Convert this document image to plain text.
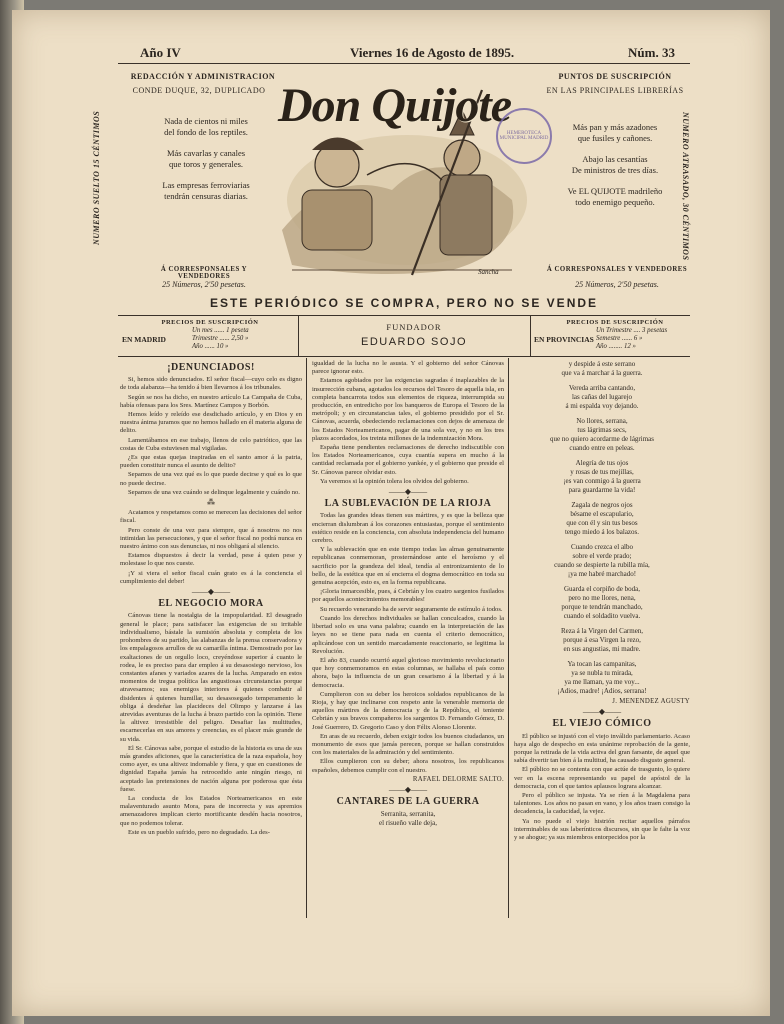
Año IV	Viernes 16 de Agosto de 1895.	Núm. 33
REDACCIÓN Y ADMINISTRACION
CONDE DUQUE, 32, DUPLICADO
NUMERO SUELTO 15 CÉNTIMOS	Nada de cientos ni miles
del fondo de los reptiles.
Más cavarlas y canales
que toros y generales.
Las empresas ferroviarias
tendrán censuras diarias.
Á CORRESPONSALES Y VENDEDORES
25 Números, 2'50 pesetas.
Don Quijote
HEMEROTECA MUNICIPAL MADRID
Sancha
PUNTOS DE SUSCRIPCIÓN
EN LAS PRINCIPALES LIBRERÍAS
NUMERO ATRASADO, 30 CÉNTIMOS
Más pan y más azadones
que fusiles y cañones.
Abajo las cesantías
De ministros de tres días.
Ve EL QUIJOTE madrileño
todo enemigo pequeño.
Á CORRESPONSALES Y VENDEDORES
25 Números, 2'50 pesetas.
ESTE PERIÓDICO SE COMPRA, PERO NO SE VENDE
PRECIOS DE SUSCRIPCIÓN
EN MADRID
Un mes ...... 1 peseta
Trimestre ...... 2,50 »
Año ...... 10 »
FUNDADOR
EDUARDO SOJO
PRECIOS DE SUSCRIPCIÓN
EN PROVINCIAS
Un Trimestre .... 3 pesetas
Semestre ...... 6 »
Año ........ 12 »
¡DENUNCIADOS!

Si, hemos sido denunciados. El señor fiscal—cuyo celo es digno de toda alabanza—ha tenido á bien llevarnos á los tribunales.

Según se nos ha dicho, en nuestro artículo La Campaña de Cuba, había ofensas para los Sres. Martínez Campos y Borbón.

Hemos leído y releído ese desdichado artículo, y en Dios y en nuestra ánima juramos que no hemos hallado en él materia alguna de delito.

Lamentábamos en ese trabajo, llenos de celo patriótico, que las costas de Cuba estuviesen mal vigiladas.

¿Es que estas quejas inspiradas en el santo amor á la patria, pueden constituir nunca el asunto de delito?

Sepamos de una vez qué es lo que puede decirse y qué es lo que no puede decirse.

Sepamos de una vez cuándo se delinque legalmente y cuándo no.

⁂

Acatamos y respetamos como se merecen las decisiones del señor fiscal.

Pero conste de una vez para siempre, que á nosotros no nos intimidan las persecuciones, y que el señor fiscal no podrá nunca en nuestro ánimo con sus denuncias, ni nos obligará al silencio.

Estamos dispuestos á decir la verdad, pese á quien pese y molestase lo que nos cueste.

¡Y si viera el señor fiscal cuán grato es á la conciencia el cumplimiento del deber!

——◆——
EL NEGOCIO MORA

Cánovas tiene la nostalgia de la impopularidad. El desagrado general le place; para satisfacer las exigencias de su irritable individualismo, bástale la sumisión absoluta y completa de los prohombres de su partido, las alabanzas de la prensa conservadora y los empalagosos arrullos de su camarilla íntima. Demostrado por las exaltaciones de un orgullo loco, creyéndose superior á cuanto le rodea, le es preciso para dar empleo á su desasosiego nervioso, los constantes afanes y variados azares de la lucha. Amparado en estos momentos de tregua política las angustiosas circunstancias porque atravesamos; sus enemigos interiores á quienes combatir al disidentes á quienes humillar, su desasosegado temperamento le obliga á desdeñar las placideces del Olimpo y lanzarse á las atrevidas aventuras de la lucha á brazo partido con la opinión. Tiene la altivez irresistible del peligro. Desafiar las multitudes, escarnecerlas en sus amores y creencias, es el placer más grande de su vida.

El Sr. Cánovas sabe, porque el estudio de la historia es una de sus más grandes aficiones, que la característica de la raza española, hoy como ayer, es una altivez indomable y fiera, y que en cuestiones de dignidad España jamás ha retrocedido ante ningún riesgo, ni aceptado las pretensiones de nación alguna por poderosa que ésta fuese.

La conducta de los Estados Norteamericanos en este malaventurado asunto Mora, para de incorrecta y sus apremios amenazadores implican cierto mortificante desdén hacia nosotros, que no podemos tolerar.

Este es un pueblo sufrido, pero no degradado. La des-

igualdad de la lucha no le asusta. Y el gobierno del señor Cánovas parece ignorar esto.

Estamos agobiados por las exigencias sagradas é inaplazables de la insurrección cubana, agotados los recursos del Tesoro de aquella isla, en completa bancarrota todos sus elementos de riqueza, interrumpida su producción, en entredicho por los banqueros de Europa el Tesoro de la metrópoli; y en circunstancias tales, el gobierno presidido por el Sr. Cánovas, acuerda, obedeciendo reclamaciones con dejos de amenaza de los Estados Norteamericanos, pagar de una sola vez, y no en los tres plazos acordados, los treinta millones de la indemnización Mora.

España tiene pendientes reclamaciones de derecho indiscutible con los Estados Norteamericanos, cuya cuantía supera en mucho á la cantidad reclamada por el gobierno yankée, y el gobierno que preside el Sr. Cánovas parece olvidar esto.

Ya veremos si la opinión tolera los olvidos del gobierno.

——◆——
LA SUBLEVACIÓN DE LA RIOJA

Todas las grandes ideas tienen sus mártires, y es que la belleza que encierran dislumbran á los corazones entusiastas, porque el sentimiento estético reside en la conciencia, con absoluta independencia del humano cerebro.

Y la sublevación que en este tiempo todas las almas genuinamente republicanas conmemoran, prosternándose ante el heroísmo y el sacrificio por la grandeza del ideal, tendía al entronizamiento de lo bello, de la estética que en sí encierra el dogma democrático en toda su genuina acepción, esto es, en la forma republicana.

¡Gloria inmarcesible, pues, á Cebrián y los cuatro sargentos fusilados por aquellos acontecimientos memorables!

Su recuerdo venerando ha de servir seguramente de estímulo á todos.

Cuando los derechos individuales se hallan conculcados, cuando la libertad solo es una vana palabra; cuando en la interpretación de las leyes no se tiene para nada en cuenta el criterio democrático, aplicándose con un sentido marcadamente reaccionario, se legitima la Revolución.

El año 83, cuando ocurrió aquel glorioso movimiento revolucionario que hoy conmemoramos en estas columnas, se hallaba el país como ahora, bajo la influencia de un gran cesarismo á la libertad y á la democracia.

Cumplieron con su deber los heroicos soldados republicanos de la Rioja, y hay que inclinarse con respeto ante la venerable memoria de aquellos mártires de la democracia y de la República, el teniente Cebrián y sus bravos compañeros los sargentos D. Fernando Gómez, D. José Guerrero, D. Gregorio Caso y don Félix Alonso Llorente.

En aras de su recuerdo, deben exigir todos los buenos ciudadanos, un monumento de esos que jamás perecen, porque se hallan construidos con los materiales de la admiración y del sentimiento.

Ellos cumplieron con su deber; ahora nosotros, los republicanos españoles, debemos cumplir con el nuestro.

RAFAEL DELORME SALTO.
——◆——
CANTARES DE LA GUERRA
Serranita, serranita,
el risueño valle deja,
y despide á este serrano
que va á marchar á la guerra.
Vereda arriba cantando,
las cañas del lugarejo
á mi espalda voy dejando.
No llores, serrana,
tus lágrimas secs,
que no quiero acordarme de lágrimas
cuando entre en peleas.
Alegría de tus ojos
y rosas de tus mejillas,
¡es van conmigo á la guerra
para guardarme la vida!
Zagala de negros ojos
bésame el escapulario,
que con él y sin tus besos
tengo miedo á los balazos.
Cuando crezca el albo
sobre el verde prado;
cuando se despierte la rubilla mía,
¡ya me habré marchado!
Guarda el corpiño de boda,
pero no me llores, nena,
porque te tendrán manchado,
cuando el soldadito vuelva.
Reza á la Virgen del Carmen,
porque á esa Virgen la rezo,
en sus angustias, mi madre.
Ya tocan las campanitas,
ya se nubla tu mirada,
ya me llaman, ya me voy...
¡Adios, madre! ¡Adios, serrana!
J. MENENDEZ AGUSTY
——◆——
EL VIEJO CÓMICO

El público se injustó con el viejo inválido parlamentario. Acaso haya algo de despecho en esta unánime reprobación de la gente, porque la retirada de la vida activa del gran farsante, de aquel que sabía divertir tan bien á la multitud, ha causado disgusto general.

El público no se contenta con que actúe de trasgunto, lo quiere ver en la escena representando su papel de apóstol de la democracia, con el que tantos aplausos lograra alcanzar.

Pero el público se injusta. Ya se ríen á la Magdalena para talentones. Los años no pasan en vano, y los años traen consigo la decadencia, la caducidad, la vejez.

Ya no puede el viejo histrión recitar aquellos párrafos interminables de sus laberínticos discursos, sin que le falte la voz y se ahogue; ya sus miembros entorpecidos por la
